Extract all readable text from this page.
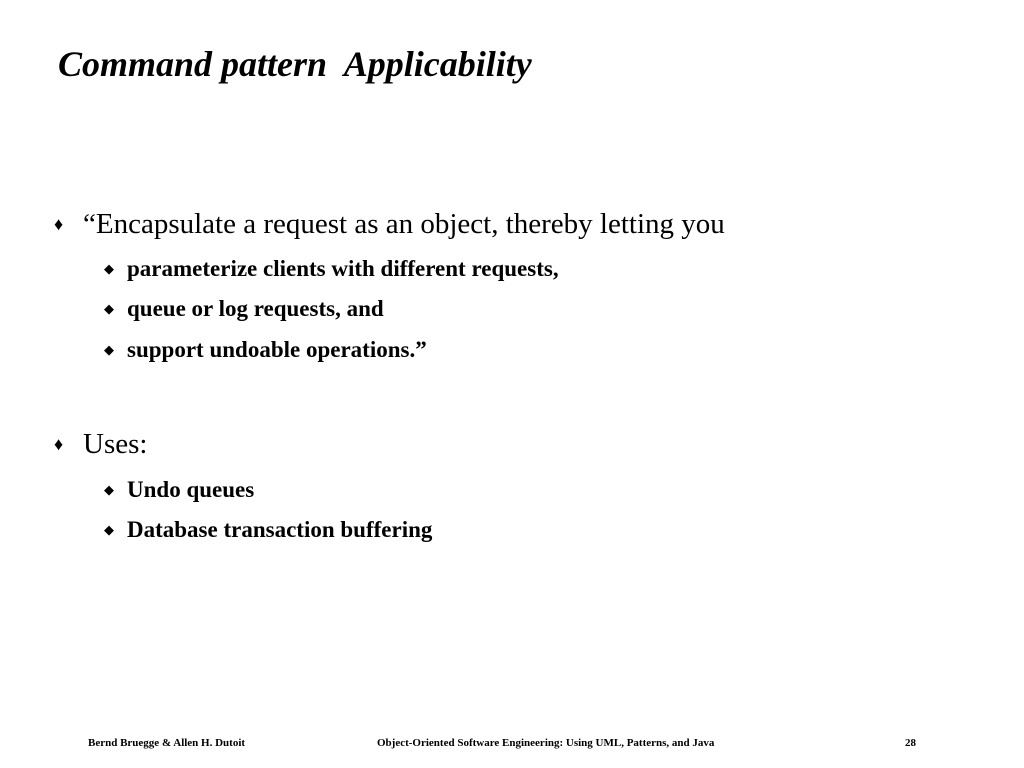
Command pattern  Applicability
♦ “Encapsulate a request as an object, thereby letting you
◆ parameterize clients with different requests,
◆ queue or log requests, and
◆ support undoable operations.”
♦ Uses:
◆ Undo queues
◆ Database transaction buffering
Bernd Bruegge & Allen H. Dutoit	Object-Oriented Software Engineering: Using UML, Patterns, and Java	28
